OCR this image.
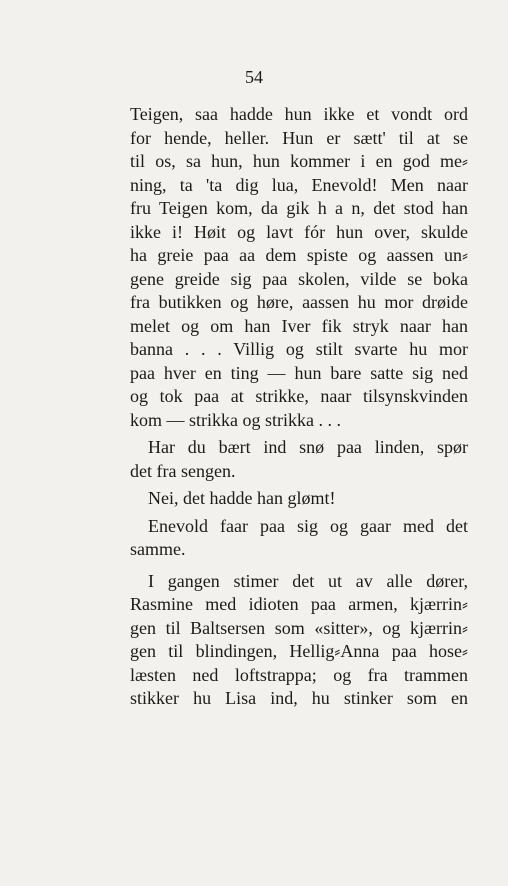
54
Teigen, saa hadde hun ikke et vondt ord
for hende, heller. Hun er sætt' til at se
til os, sa hun, hun kommer i en god me⸗
ning, ta 'ta dig lua, Enevold! Men naar
fru Teigen kom, da gik h a n, det stod han
ikke i! Høit og lavt fór hun over, skulde
ha greie paa aa dem spiste og aassen un⸗
gene greide sig paa skolen, vilde se boka
fra butikken og høre, aassen hu mor drøide
melet og om han Iver fik stryk naar han
banna . . . Villig og stilt svarte hu mor
paa hver en ting — hun bare satte sig ned
og tok paa at strikke, naar tilsynskvinden
kom — strikka og strikka . . .
Har du bært ind snø paa linden, spør
det fra sengen.
Nei, det hadde han glømt!
Enevold faar paa sig og gaar med det
samme.
I gangen stimer det ut av alle dører,
Rasmine med idioten paa armen, kjærrin⸗
gen til Baltsersen som «sitter», og kjærrin⸗
gen til blindingen, Hellig⸗Anna paa hose⸗
læsten ned loftstrappa; og fra trammen
stikker hu Lisa ind, hu stinker som en
